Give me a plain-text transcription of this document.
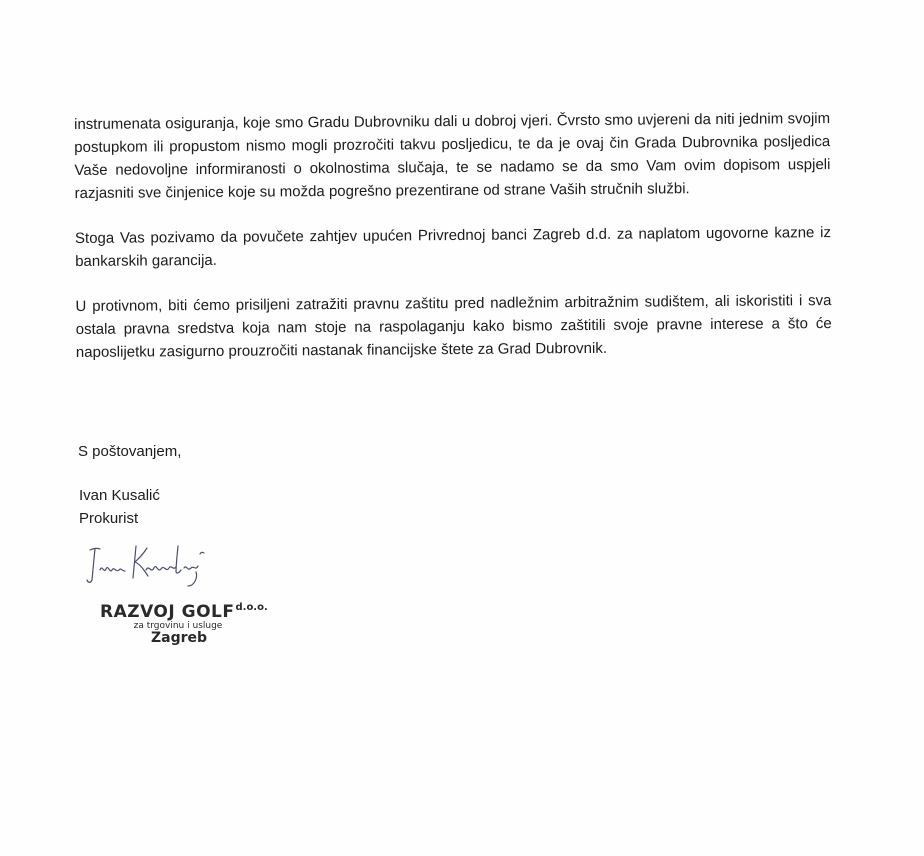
instrumenata osiguranja, koje smo Gradu Dubrovniku dali u dobroj vjeri. Čvrsto smo uvjereni da niti jednim svojim postupkom ili propustom nismo mogli prozročiti takvu posljedicu, te da je ovaj čin Grada Dubrovnika posljedica Vaše nedovoljne informiranosti o okolnostima slučaja, te se nadamo se da smo Vam ovim dopisom uspjeli razjasniti sve činjenice koje su možda pogrešno prezentirane od strane Vaših stručnih službi.

Stoga Vas pozivamo da povučete zahtjev upućen Privrednoj banci Zagreb d.d. za naplatom ugovorne kazne iz bankarskih garancija.

U protivnom, biti ćemo prisiljeni zatražiti pravnu zaštitu pred nadležnim arbitražnim sudištem, ali iskoristiti i sva ostala pravna sredstva koja nam stoje na raspolaganju kako bismo zaštitili svoje pravne interese a što će naposlijetku zasigurno prouzročiti nastanak financijske štete za Grad Dubrovnik.

S poštovanjem,

Ivan Kusalić
Prokurist
RAZVOJ GOLFd.o.o.
za trgovinu i usluge
Zagreb
